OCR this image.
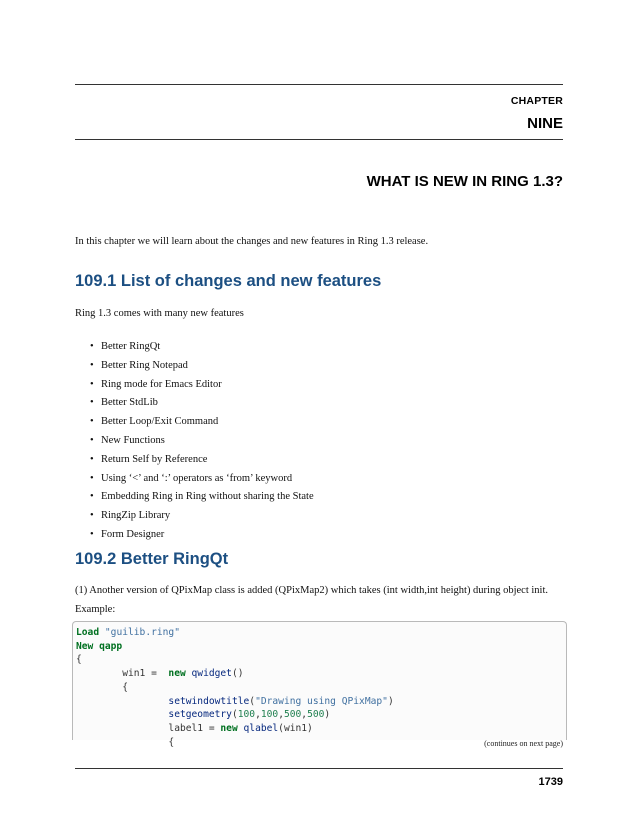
CHAPTER
NINE
WHAT IS NEW IN RING 1.3?
In this chapter we will learn about the changes and new features in Ring 1.3 release.
109.1 List of changes and new features
Ring 1.3 comes with many new features
• Better RingQt
• Better Ring Notepad
• Ring mode for Emacs Editor
• Better StdLib
• Better Loop/Exit Command
• New Functions
• Return Self by Reference
• Using ‘<’ and ‘:’ operators as ‘from’ keyword
• Embedding Ring in Ring without sharing the State
• RingZip Library
• Form Designer
109.2 Better RingQt
(1) Another version of QPixMap class is added (QPixMap2) which takes (int width,int height) during object init.
Example:
Load "guilib.ring"
New qapp
{
win1 =  new qwidget()
{
setwindowtitle("Drawing using QPixMap")
setgeometry(100,100,500,500)
label1 = new qlabel(win1)
{	(continues on next page)
1739
